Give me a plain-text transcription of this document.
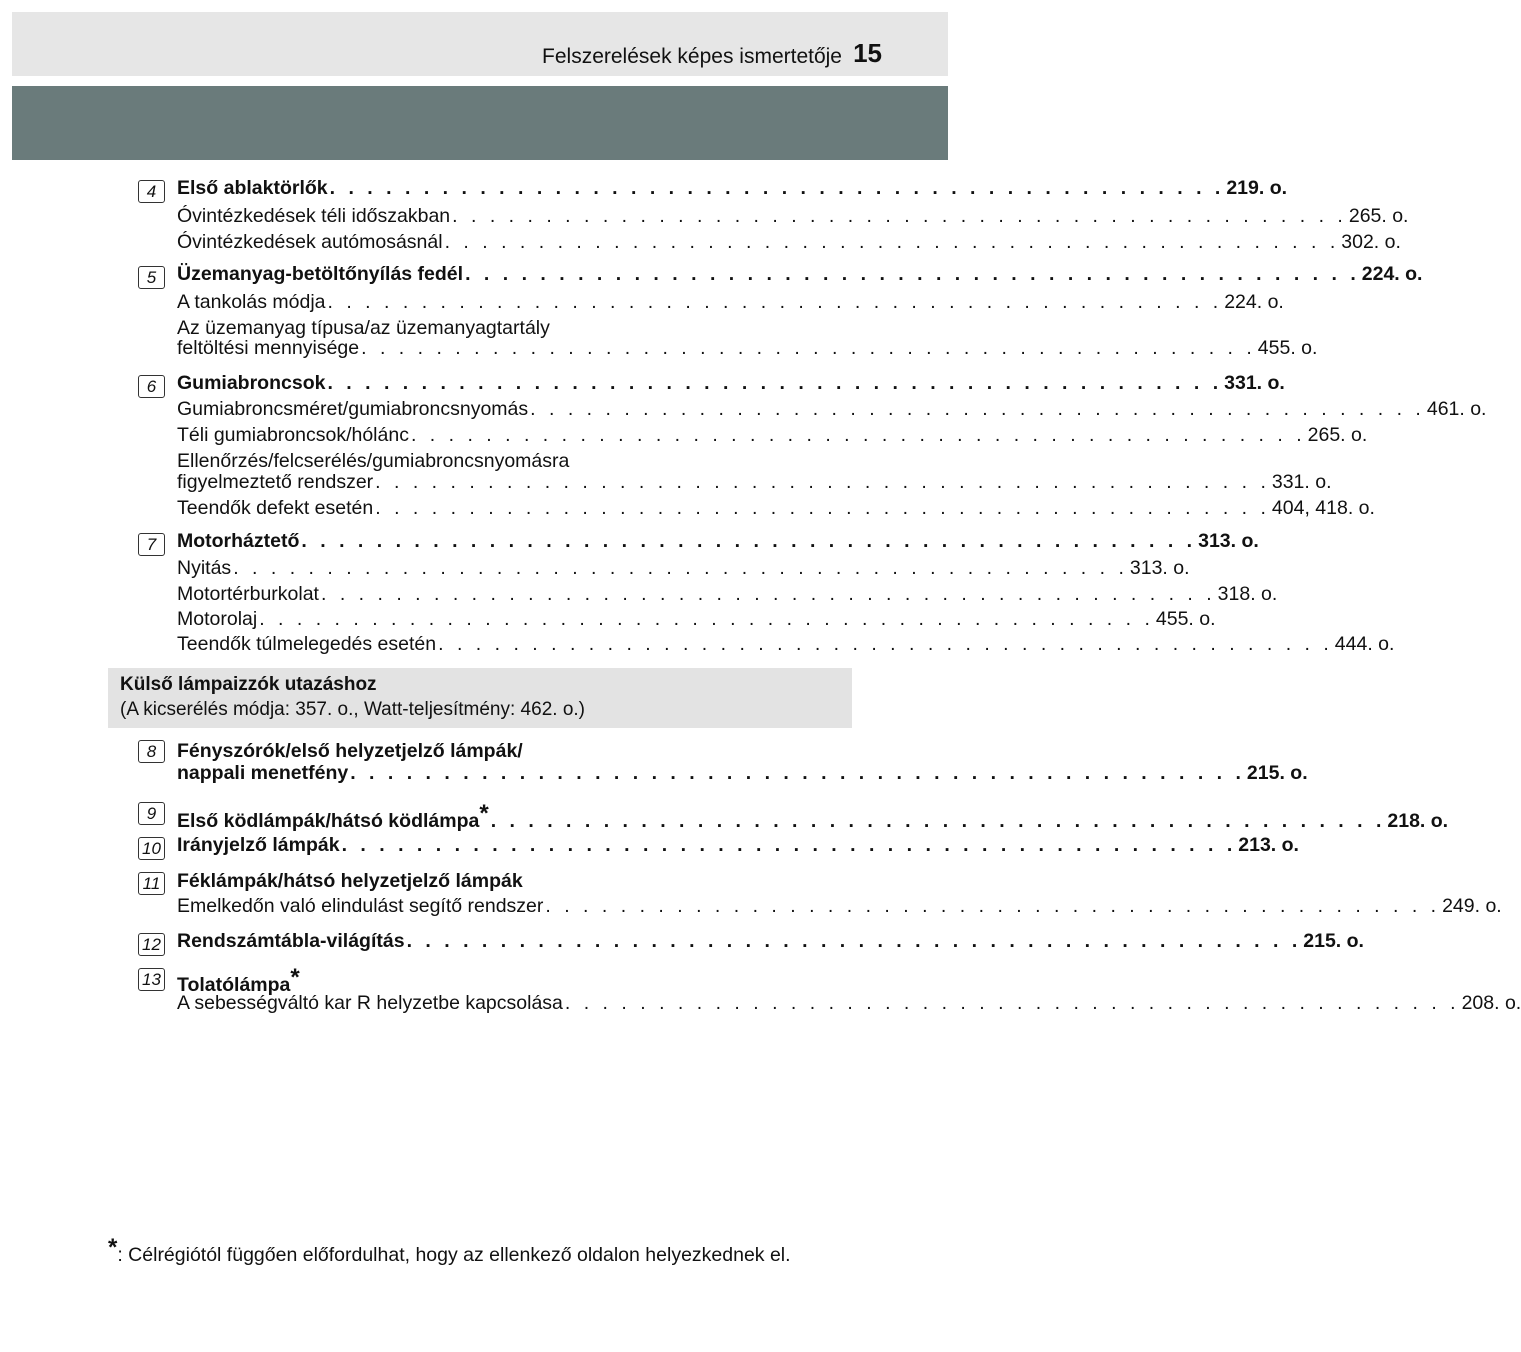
Felszerelések képes ismertetője 15
4	Első ablaktörlők . . . . . . . . . . . . . . . . . . . . . . . . . . . . . . . . . . . . . . . . . . . . . . . . 219. o.
Óvintézkedések téli időszakban . . . . . . . . . . . . . . . . . . . . . . . . . . . . . . . . . . . . . . . . . . . . . . . . 265. o.
Óvintézkedések autómosásnál . . . . . . . . . . . . . . . . . . . . . . . . . . . . . . . . . . . . . . . . . . . . . . . . 302. o.
5	Üzemanyag-betöltőnyílás fedél . . . . . . . . . . . . . . . . . . . . . . . . . . . . . . . . . . . . . . . . . . . . . . . . 224. o.
A tankolás módja . . . . . . . . . . . . . . . . . . . . . . . . . . . . . . . . . . . . . . . . . . . . . . . . 224. o.
Az üzemanyag típusa/az üzemanyagtartály
feltöltési mennyisége . . . . . . . . . . . . . . . . . . . . . . . . . . . . . . . . . . . . . . . . . . . . . . . . 455. o.
6	Gumiabroncsok . . . . . . . . . . . . . . . . . . . . . . . . . . . . . . . . . . . . . . . . . . . . . . . . 331. o.
Gumiabroncsméret/gumiabroncsnyomás . . . . . . . . . . . . . . . . . . . . . . . . . . . . . . . . . . . . . . . . . . . . . . . . 461. o.
Téli gumiabroncsok/hólánc . . . . . . . . . . . . . . . . . . . . . . . . . . . . . . . . . . . . . . . . . . . . . . . . 265. o.
Ellenőrzés/felcserélés/gumiabroncsnyomásra
figyelmeztető rendszer . . . . . . . . . . . . . . . . . . . . . . . . . . . . . . . . . . . . . . . . . . . . . . . . 331. o.
Teendők defekt esetén . . . . . . . . . . . . . . . . . . . . . . . . . . . . . . . . . . . . . . . . . . . . . . . . 404, 418. o.
7	Motorháztető . . . . . . . . . . . . . . . . . . . . . . . . . . . . . . . . . . . . . . . . . . . . . . . . 313. o.
Nyitás . . . . . . . . . . . . . . . . . . . . . . . . . . . . . . . . . . . . . . . . . . . . . . . . 313. o.
Motortérburkolat . . . . . . . . . . . . . . . . . . . . . . . . . . . . . . . . . . . . . . . . . . . . . . . . 318. o.
Motorolaj . . . . . . . . . . . . . . . . . . . . . . . . . . . . . . . . . . . . . . . . . . . . . . . . 455. o.
Teendők túlmelegedés esetén . . . . . . . . . . . . . . . . . . . . . . . . . . . . . . . . . . . . . . . . . . . . . . . . 444. o.
Külső lámpaizzók utazáshoz
(A kicserélés módja: 357. o., Watt-teljesítmény: 462. o.)
8	Fényszórók/első helyzetjelző lámpák/
nappali menetfény . . . . . . . . . . . . . . . . . . . . . . . . . . . . . . . . . . . . . . . . . . . . . . . . 215. o.
9	Első ködlámpák/hátsó ködlámpa* . . . . . . . . . . . . . . . . . . . . . . . . . . . . . . . . . . . . . . . . . . . . . . . . 218. o.
10 Irányjelző lámpák . . . . . . . . . . . . . . . . . . . . . . . . . . . . . . . . . . . . . . . . . . . . . . . . 213. o.
11 Féklámpák/hátsó helyzetjelző lámpák
Emelkedőn való elindulást segítő rendszer . . . . . . . . . . . . . . . . . . . . . . . . . . . . . . . . . . . . . . . . . . . . . . . . 249. o.
12 Rendszámtábla-világítás . . . . . . . . . . . . . . . . . . . . . . . . . . . . . . . . . . . . . . . . . . . . . . . . 215. o.
13 Tolatólámpa*
A sebességváltó kar R helyzetbe kapcsolása . . . . . . . . . . . . . . . . . . . . . . . . . . . . . . . . . . . . . . . . . . . . . . . . 208. o.
*: Célrégiótól függően előfordulhat, hogy az ellenkező oldalon helyezkednek el.
